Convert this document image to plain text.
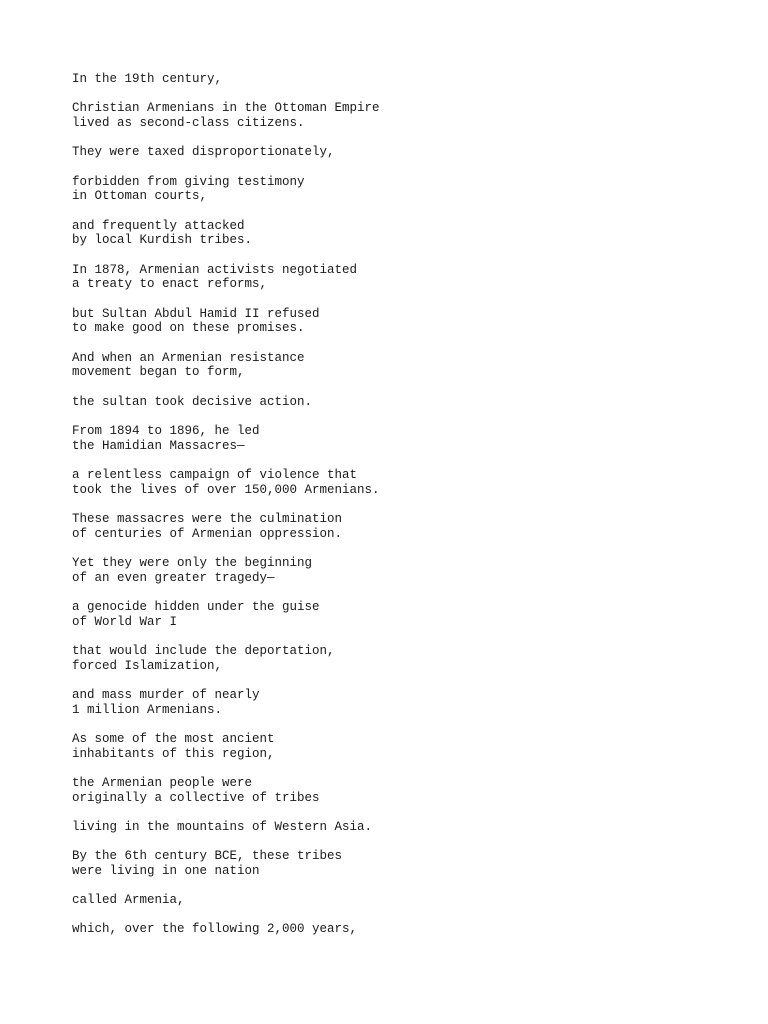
In the 19th century,
Christian Armenians in the Ottoman Empire
lived as second-class citizens.
They were taxed disproportionately,
forbidden from giving testimony
in Ottoman courts,
and frequently attacked
by local Kurdish tribes.
In 1878, Armenian activists negotiated
a treaty to enact reforms,
but Sultan Abdul Hamid II refused
to make good on these promises.
And when an Armenian resistance
movement began to form,
the sultan took decisive action.
From 1894 to 1896, he led
the Hamidian Massacres—
a relentless campaign of violence that
took the lives of over 150,000 Armenians.
These massacres were the culmination
of centuries of Armenian oppression.
Yet they were only the beginning
of an even greater tragedy—
a genocide hidden under the guise
of World War I
that would include the deportation,
forced Islamization,
and mass murder of nearly
1 million Armenians.
As some of the most ancient
inhabitants of this region,
the Armenian people were
originally a collective of tribes
living in the mountains of Western Asia.
By the 6th century BCE, these tribes
were living in one nation
called Armenia,
which, over the following 2,000 years,
